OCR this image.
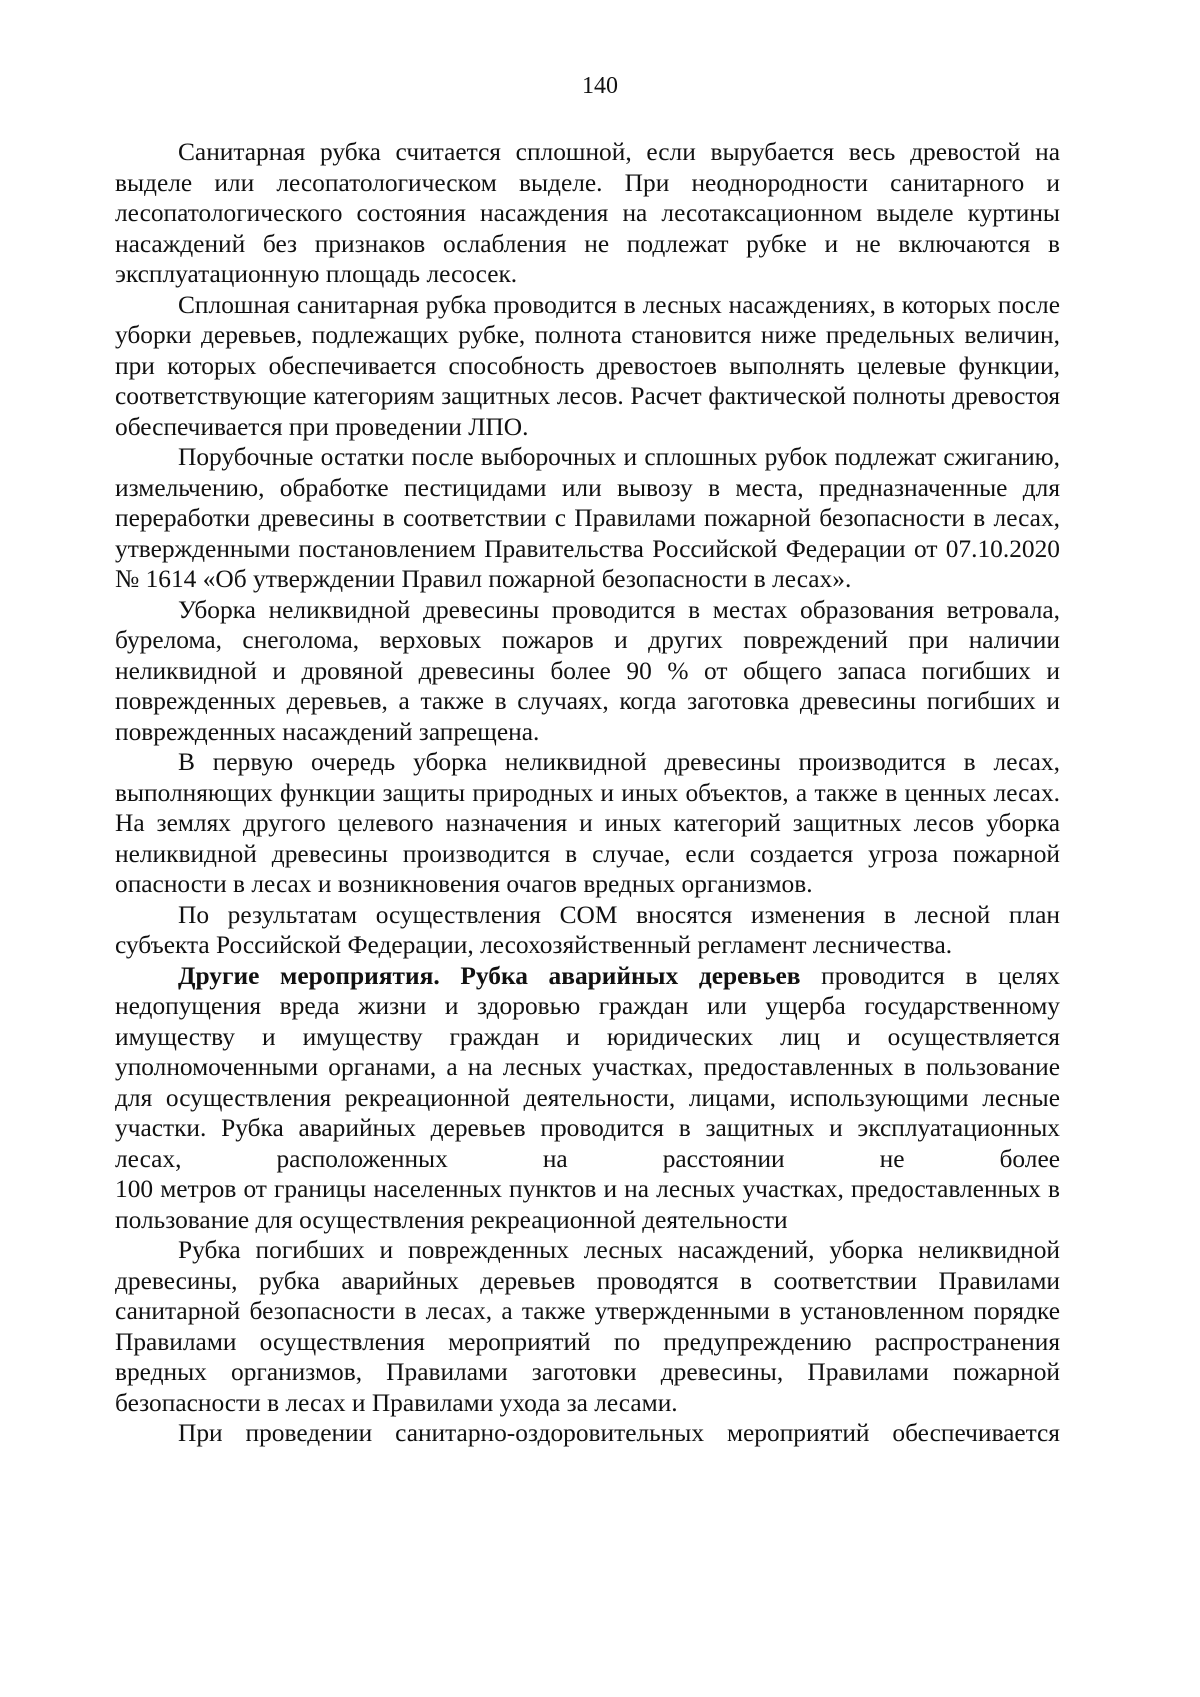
140

Санитарная рубка считается сплошной, если вырубается весь древостой на выделе или лесопатологическом выделе. При неоднородности санитарного и лесопатологического состояния насаждения на лесотаксационном выделе куртины насаждений без признаков ослабления не подлежат рубке и не включаются в эксплуатационную площадь лесосек.

Сплошная санитарная рубка проводится в лесных насаждениях, в которых после уборки деревьев, подлежащих рубке, полнота становится ниже предельных величин, при которых обеспечивается способность древостоев выполнять целевые функции, соответствующие категориям защитных лесов. Расчет фактической полноты древостоя обеспечивается при проведении ЛПО.

Порубочные остатки после выборочных и сплошных рубок подлежат сжиганию, измельчению, обработке пестицидами или вывозу в места, предназначенные для переработки древесины в соответствии с Правилами пожарной безопасности в лесах, утвержденными постановлением Правительства Российской Федерации от 07.10.2020 № 1614 «Об утверждении Правил пожарной безопасности в лесах».

Уборка неликвидной древесины проводится в местах образования ветровала, бурелома, снеголома, верховых пожаров и других повреждений при наличии неликвидной и дровяной древесины более 90 % от общего запаса погибших и поврежденных деревьев, а также в случаях, когда заготовка древесины погибших и поврежденных насаждений запрещена.

В первую очередь уборка неликвидной древесины производится в лесах, выполняющих функции защиты природных и иных объектов, а также в ценных лесах. На землях другого целевого назначения и иных категорий защитных лесов уборка неликвидной древесины производится в случае, если создается угроза пожарной опасности в лесах и возникновения очагов вредных организмов.

По результатам осуществления СОМ вносятся изменения в лесной план субъекта Российской Федерации, лесохозяйственный регламент лесничества.

Другие мероприятия. Рубка аварийных деревьев проводится в целях недопущения вреда жизни и здоровью граждан или ущерба государственному имуществу и имуществу граждан и юридических лиц и осуществляется уполномоченными органами, а на лесных участках, предоставленных в пользование для осуществления рекреационной деятельности, лицами, использующими лесные участки. Рубка аварийных деревьев проводится в защитных и эксплуатационных лесах, расположенных на расстоянии не более

100 метров от границы населенных пунктов и на лесных участках, предоставленных в пользование для осуществления рекреационной деятельности

Рубка погибших и поврежденных лесных насаждений, уборка неликвидной древесины, рубка аварийных деревьев проводятся в соответствии Правилами санитарной безопасности в лесах, а также утвержденными в установленном порядке Правилами осуществления мероприятий по предупреждению распространения вредных организмов, Правилами заготовки древесины, Правилами пожарной безопасности в лесах и Правилами ухода за лесами.

При проведении санитарно-оздоровительных мероприятий обеспечивается
